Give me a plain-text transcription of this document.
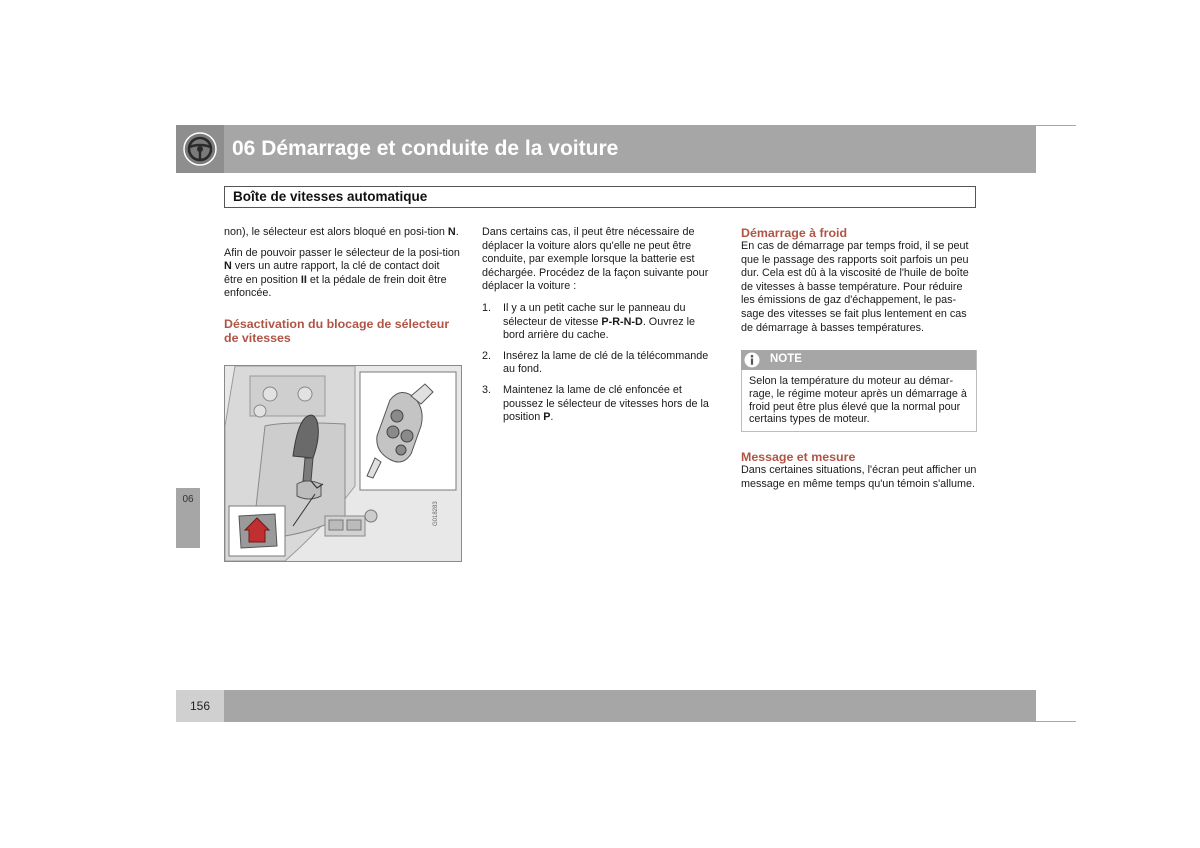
06 Démarrage et conduite de la voiture
Boîte de vitesses automatique
06

non), le sélecteur est alors bloqué en posi-tion N.

Afin de pouvoir passer le sélecteur de la posi-tion N vers un autre rapport, la clé de contact doit être en position II et la pédale de frein doit être enfoncée.

Désactivation du blocage de sélecteur de vitesses
G018283
Dans certains cas, il peut être nécessaire de déplacer la voiture alors qu'elle ne peut être conduite, par exemple lorsque la batterie est déchargée. Procédez de la façon suivante pour déplacer la voiture :
1. Il y a un petit cache sur le panneau du sélecteur de vitesse P-R-N-D. Ouvrez le bord arrière du cache.
2. Insérez la lame de clé de la télécommande au fond.
3. Maintenez la lame de clé enfoncée et poussez le sélecteur de vitesses hors de la position P.
Démarrage à froid
En cas de démarrage par temps froid, il se peut que le passage des rapports soit parfois un peu dur. Cela est dû à la viscosité de l'huile de boîte de vitesses à basse température. Pour réduire les émissions de gaz d'échappement, le pas-sage des vitesses se fait plus lentement en cas de démarrage à basses températures.
NOTE
Selon la température du moteur au démar-rage, le régime moteur après un démarrage à froid peut être plus élevé que la normal pour certains types de moteur.
Message et mesure
Dans certaines situations, l'écran peut afficher un message en même temps qu'un témoin s'allume.
156
